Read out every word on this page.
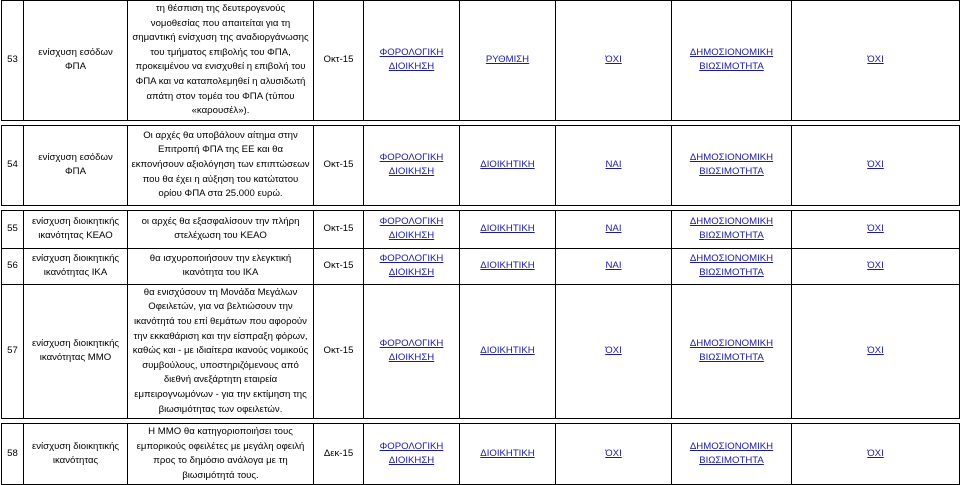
53	ενίσχυση εσόδων ΦΠΑ	τη θέσπιση της δευτερογενούς νομοθεσίας που απαιτείται για τη σημαντική ενίσχυση της αναδιοργάνωσης του τμήματος επιβολής του ΦΠΑ, προκειμένου να ενισχυθεί η επιβολή του ΦΠΑ και να καταπολεμηθεί η αλυσιδωτή απάτη στον τομέα του ΦΠΑ (τύπου «καρουσέλ»).	Οκτ-15	ΦΟΡΟΛΟΓΙΚΗ ΔΙΟΙΚΗΣΗ	ΡΥΘΜΙΣΗ	ΌΧΙ	ΔΗΜΟΣΙΟΝΟΜΙΚΗ ΒΙΩΣΙΜΟΤΗΤΑ	ΌΧΙ

54	ενίσχυση εσόδων ΦΠΑ	Οι αρχές θα υποβάλουν αίτημα στην Επιτροπή ΦΠΑ της ΕΕ και θα εκπονήσουν αξιολόγηση των επιπτώσεων που θα έχει η αύξηση του κατώτατου ορίου ΦΠΑ στα 25.000 ευρώ.	Οκτ-15	ΦΟΡΟΛΟΓΙΚΗ ΔΙΟΙΚΗΣΗ	ΔΙΟΙΚΗΤΙΚΗ	ΝΑΙ	ΔΗΜΟΣΙΟΝΟΜΙΚΗ ΒΙΩΣΙΜΟΤΗΤΑ	ΌΧΙ

55	ενίσχυση διοικητικής ικανότητας ΚΕΑΟ	οι αρχές θα εξασφαλίσουν την πλήρη στελέχωση του ΚΕΑΟ	Οκτ-15	ΦΟΡΟΛΟΓΙΚΗ ΔΙΟΙΚΗΣΗ	ΔΙΟΙΚΗΤΙΚΗ	ΝΑΙ	ΔΗΜΟΣΙΟΝΟΜΙΚΗ ΒΙΩΣΙΜΟΤΗΤΑ	ΌΧΙ
56	ενίσχυση διοικητικής ικανότητας ΙΚΑ	θα ισχυροποιήσουν την ελεγκτική ικανότητα του ΙΚΑ	Οκτ-15	ΦΟΡΟΛΟΓΙΚΗ ΔΙΟΙΚΗΣΗ	ΔΙΟΙΚΗΤΙΚΗ	ΝΑΙ	ΔΗΜΟΣΙΟΝΟΜΙΚΗ ΒΙΩΣΙΜΟΤΗΤΑ	ΌΧΙ
57	ενίσχυση διοικητικής ικανότητας ΜΜΟ	θα ενισχύσουν τη Μονάδα Μεγάλων Οφειλετών, για να βελτιώσουν την ικανότητά του επί θεμάτων που αφορούν την εκκαθάριση και την είσπραξη φόρων, καθώς και - με ιδιαίτερα ικανούς νομικούς συμβούλους, υποστηριζόμενους από διεθνή ανεξάρτητη εταιρεία εμπειρογνωμόνων - για την εκτίμηση της βιωσιμότητας των οφειλετών.	Οκτ-15	ΦΟΡΟΛΟΓΙΚΗ ΔΙΟΙΚΗΣΗ	ΔΙΟΙΚΗΤΙΚΗ	ΌΧΙ	ΔΗΜΟΣΙΟΝΟΜΙΚΗ ΒΙΩΣΙΜΟΤΗΤΑ	ΌΧΙ

58	ενίσχυση διοικητικής ικανότητας	Η ΜΜΟ θα κατηγοριοποιήσει τους εμπορικούς οφειλέτες με μεγάλη οφειλή προς το δημόσιο ανάλογα με τη βιωσιμότητά τους.	Δεκ-15	ΦΟΡΟΛΟΓΙΚΗ ΔΙΟΙΚΗΣΗ	ΔΙΟΙΚΗΤΙΚΗ	ΌΧΙ	ΔΗΜΟΣΙΟΝΟΜΙΚΗ ΒΙΩΣΙΜΟΤΗΤΑ	ΌΧΙ
